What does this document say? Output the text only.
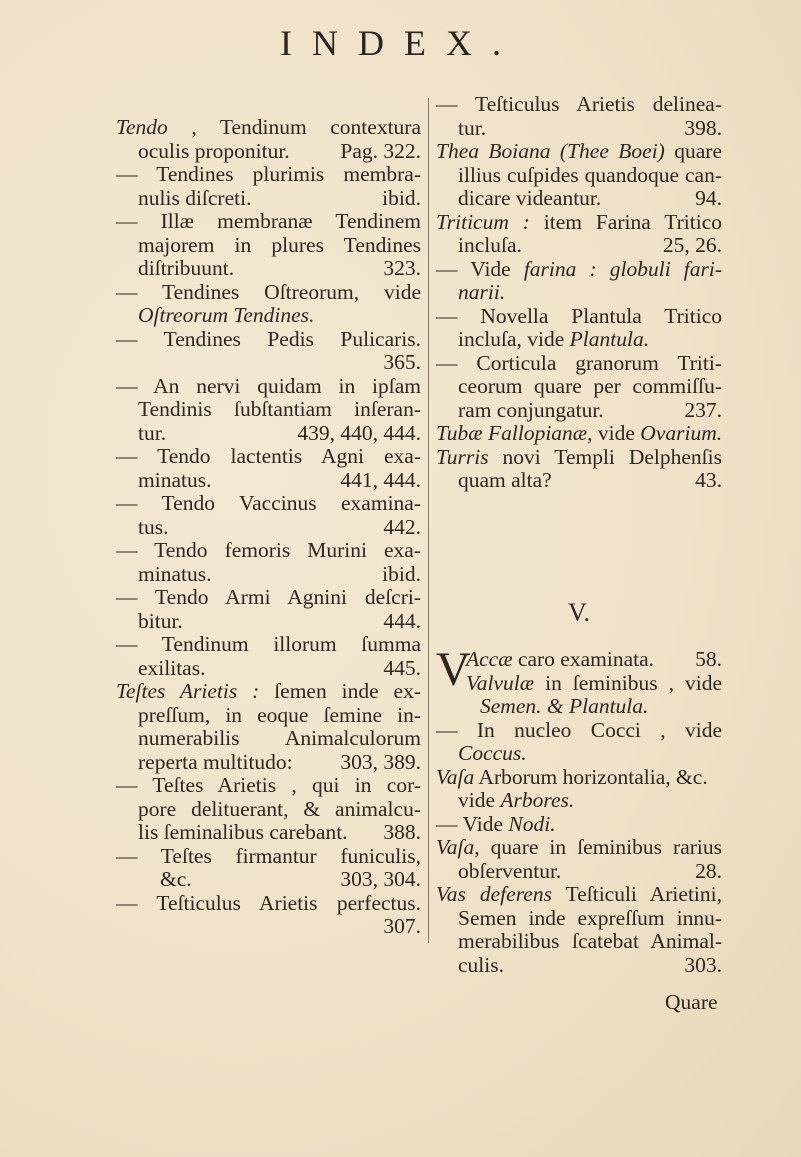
INDEX.
Tendo , Tendinum contextura
oculis proponitur.	Pag. 322.
— Tendines plurimis membra-
nulis diſcreti.	ibid.
— Illæ membranæ Tendinem
majorem in plures Tendines
diſtribuunt.	323.
— Tendines Oſtreorum, vide
Oſtreorum Tendines.
— Tendines Pedis Pulicaris.
365.
— An nervi quidam in ipſam
Tendinis ſubſtantiam inſeran-
tur.	439, 440, 444.
— Tendo lactentis Agni exa-
minatus.	441, 444.
— Tendo Vaccinus examina-
tus.	442.
— Tendo femoris Murini exa-
minatus.	ibid.
— Tendo Armi Agnini deſcri-
bitur.	444.
— Tendinum illorum ſumma
exilitas.	445.
Teſtes Arietis : ſemen inde ex-
preſſum, in eoque ſemine in-
numerabilis Animalculorum
reperta multitudo:	303, 389.
— Teſtes Arietis , qui in cor-
pore delituerant, & animalcu-
lis ſeminalibus carebant.	388.
— Teſtes firmantur funiculis,
&c.	303, 304.
— Teſticulus Arietis perfectus.
307.
— Teſticulus Arietis delinea-
tur.	398.
Thea Boiana (Thee Boei) quare
illius cuſpides quandoque can-
dicare videantur.	94.
Triticum : item Farina Tritico
incluſa.	25, 26.
— Vide farina : globuli fari-
narii.
— Novella Plantula Tritico
incluſa, vide Plantula.
— Corticula granorum Triti-
ceorum quare per commiſſu-
ram conjungatur.	237.
Tubæ Fallopianæ, vide Ovarium.
Turris novi Templi Delphenſis
quam alta?	43.
V.
V
Accæ caro examinata.	58.
Valvulæ in ſeminibus , vide
Semen. & Plantula.
— In nucleo Cocci , vide
Coccus.
Vaſa Arborum horizontalia, &c.
vide Arbores.
— Vide Nodi.
Vaſa, quare in ſeminibus rarius
obſerventur.	28.
Vas deferens Teſticuli Arietini,
Semen inde expreſſum innu-
merabilibus ſcatebat Animal-
culis.	303.
Quare
